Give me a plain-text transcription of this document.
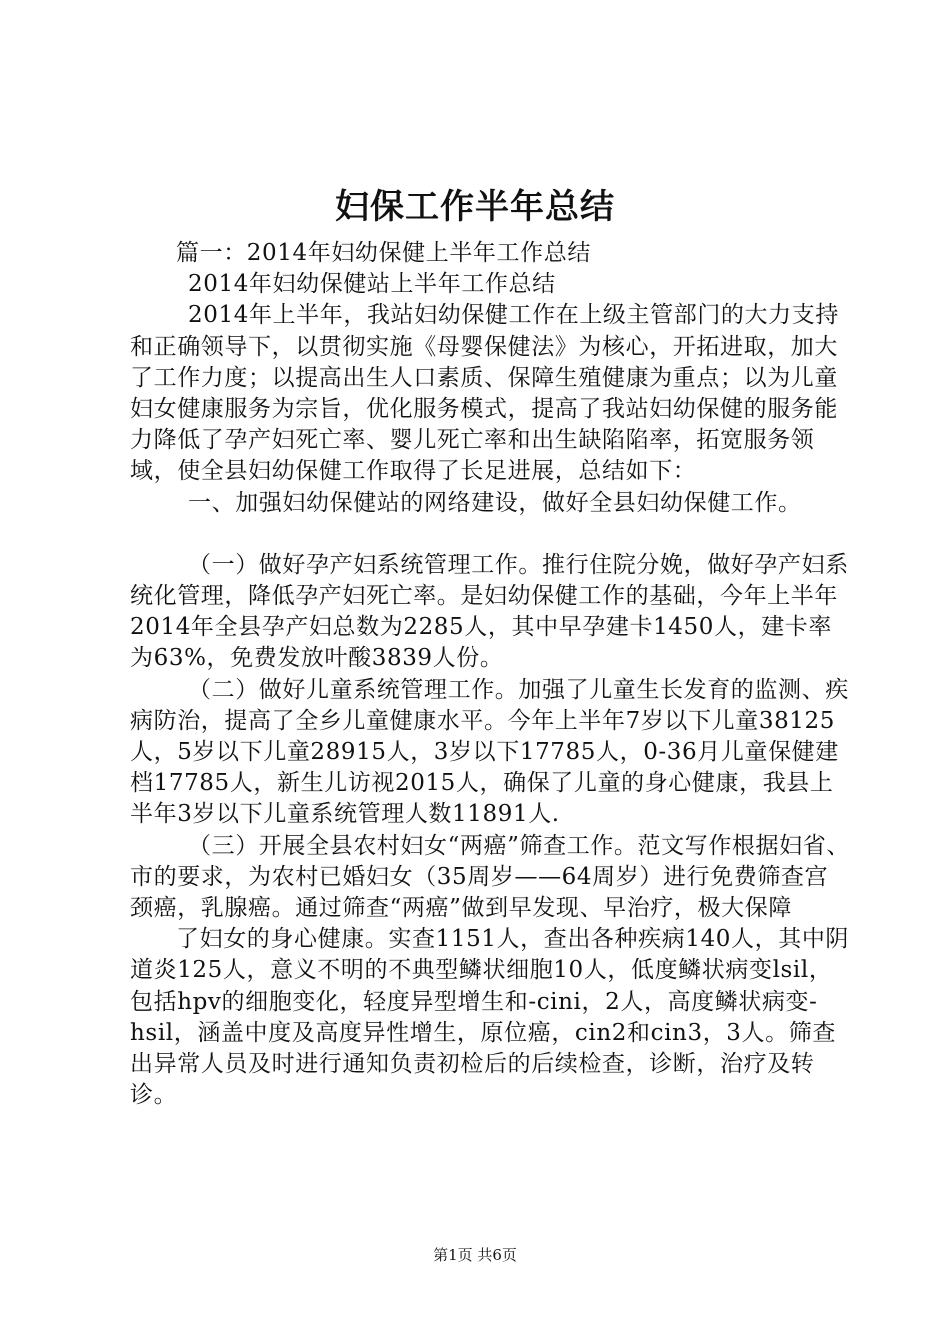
妇保工作半年总结

篇一：2014年妇幼保健上半年工作总结

2014年妇幼保健站上半年工作总结

2014年上半年，我站妇幼保健工作在上级主管部门的大力支持和正确领导下，以贯彻实施《母婴保健法》为核心，开拓进取，加大了工作力度；以提高出生人口素质、保障生殖健康为重点；以为儿童妇女健康服务为宗旨，优化服务模式，提高了我站妇幼保健的服务能力降低了孕产妇死亡率、婴儿死亡率和出生缺陷陷率，拓宽服务领域，使全县妇幼保健工作取得了长足进展，总结如下：

一、加强妇幼保健站的网络建设，做好全县妇幼保健工作。

（一）做好孕产妇系统管理工作。推行住院分娩，做好孕产妇系统化管理，降低孕产妇死亡率。是妇幼保健工作的基础，今年上半年2014年全县孕产妇总数为2285人，其中早孕建卡1450人，建卡率为63%，免费发放叶酸3839人份。

（二）做好儿童系统管理工作。加强了儿童生长发育的监测、疾病防治，提高了全乡儿童健康水平。今年上半年7岁以下儿童38125人，5岁以下儿童28915人，3岁以下17785人，0-36月儿童保健建档17785人，新生儿访视2015人，确保了儿童的身心健康，我县上半年3岁以下儿童系统管理人数11891人.

（三）开展全县农村妇女“两癌”筛查工作。范文写作根据妇省、市的要求，为农村已婚妇女（35周岁——64周岁）进行免费筛查宫颈癌，乳腺癌。通过筛查“两癌”做到早发现、早治疗，极大保障

了妇女的身心健康。实查1151人，查出各种疾病140人，其中阴道炎125人，意义不明的不典型鳞状细胞10人，低度鳞状病变lsil，包括hpv的细胞变化，轻度异型增生和-cini，2人，高度鳞状病变-hsil，涵盖中度及高度异性增生，原位癌，cin2和cin3，3人。筛查出异常人员及时进行通知负责初检后的后续检查，诊断，治疗及转诊。

第1页 共6页
